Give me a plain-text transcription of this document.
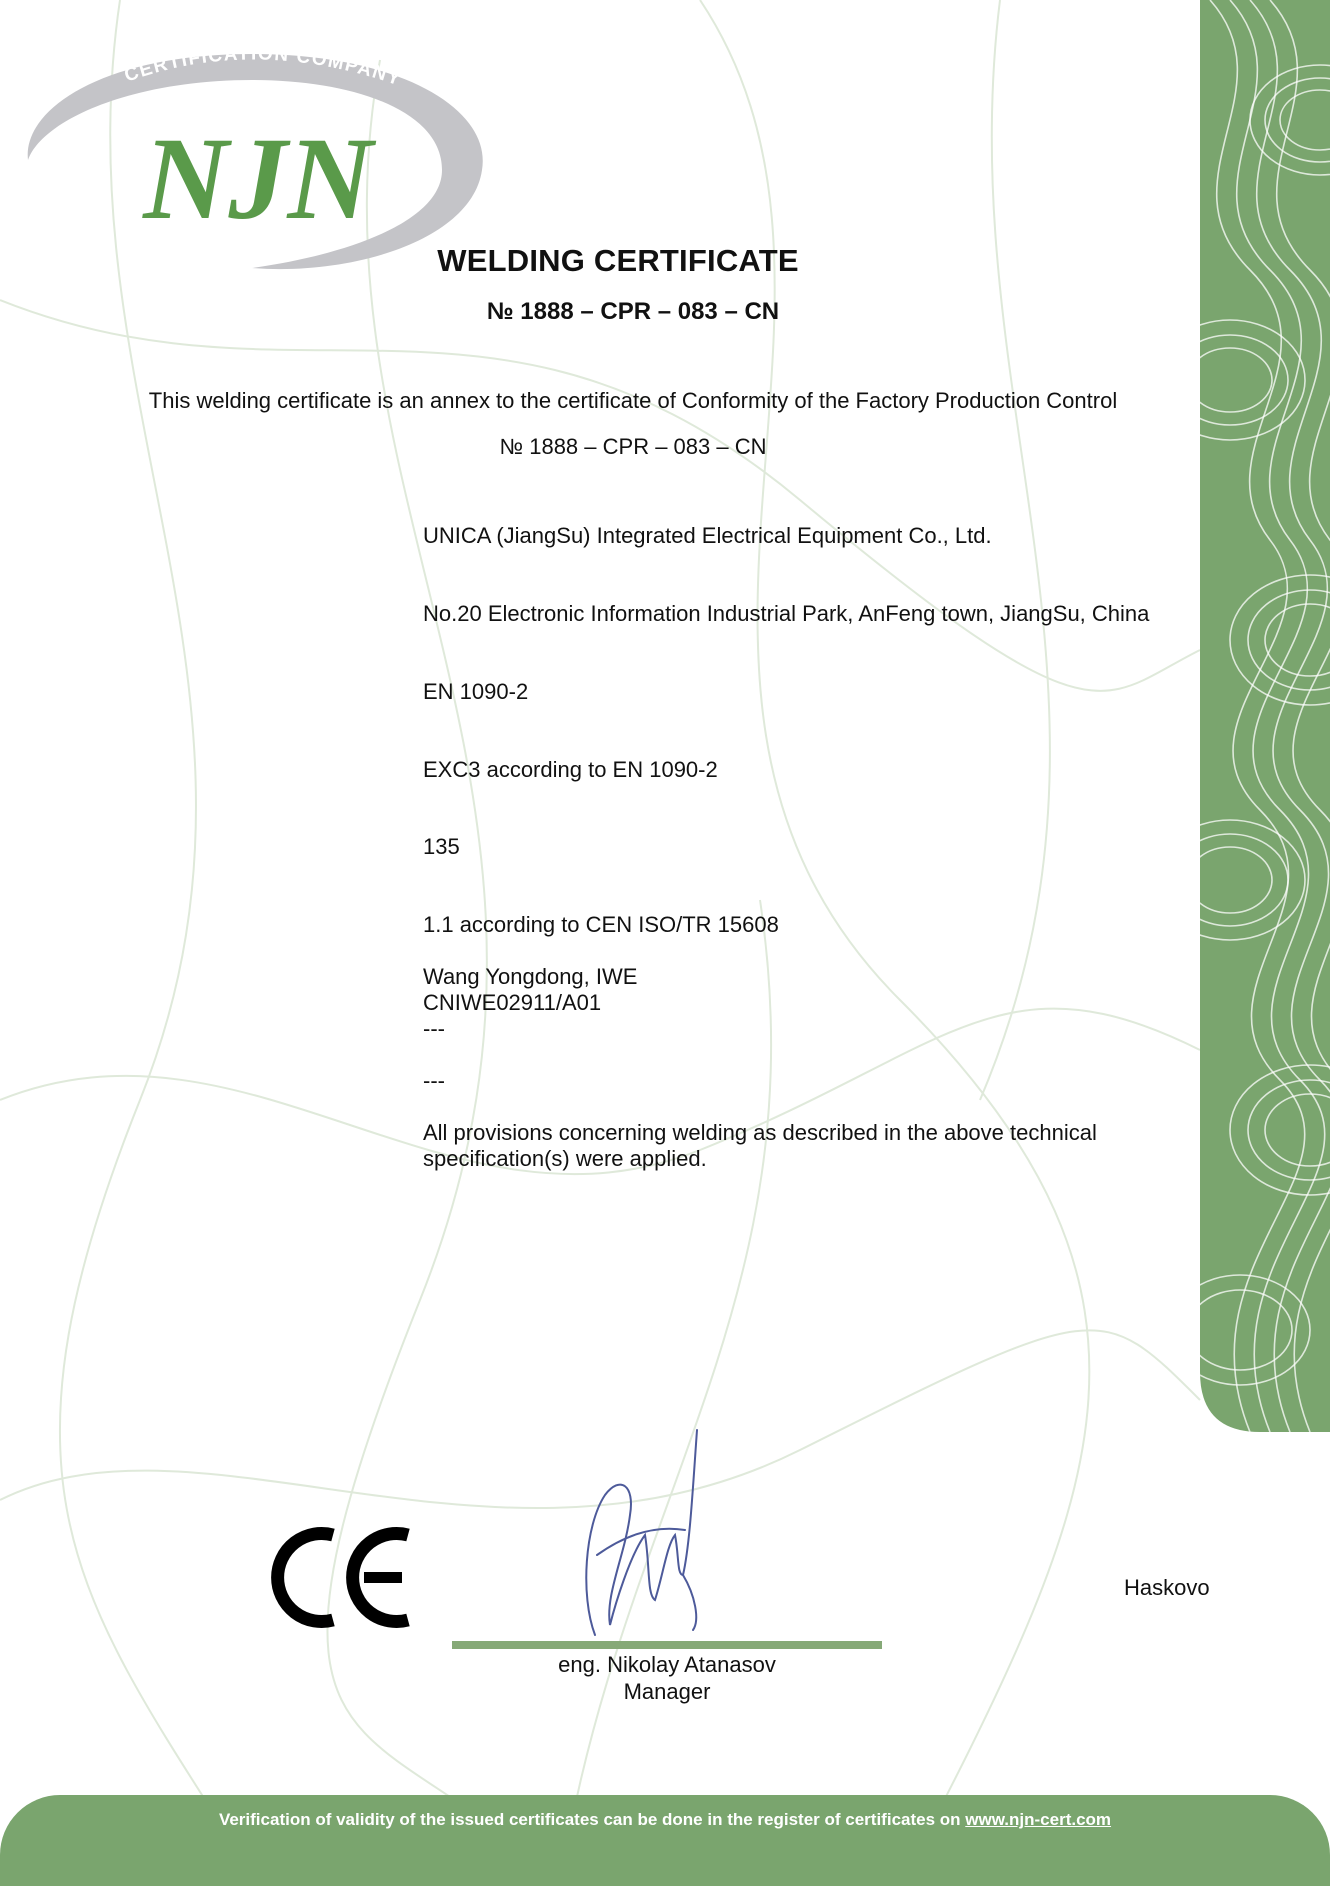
CERTIFICATION COMPANY
NJN
WELDING CERTIFICATE
№ 1888 – CPR – 083 – CN
This welding certificate is an annex to the certificate of Conformity of the Factory Production Control
№ 1888 – CPR – 083 – CN
UNICA (JiangSu) Integrated Electrical Equipment Co., Ltd.
No.20 Electronic Information Industrial Park, AnFeng town, JiangSu, China
EN 1090-2
EXC3 according to EN 1090-2
135
1.1 according to CEN ISO/TR 15608
Wang Yongdong, IWE
CNIWE02911/A01
---
---
All provisions concerning welding as described in the above technical
specification(s) were applied.
eng. Nikolay Atanasov
Manager
Haskovo
Verification of validity of the issued certificates can be done in the register of certificates on www.njn-cert.com
